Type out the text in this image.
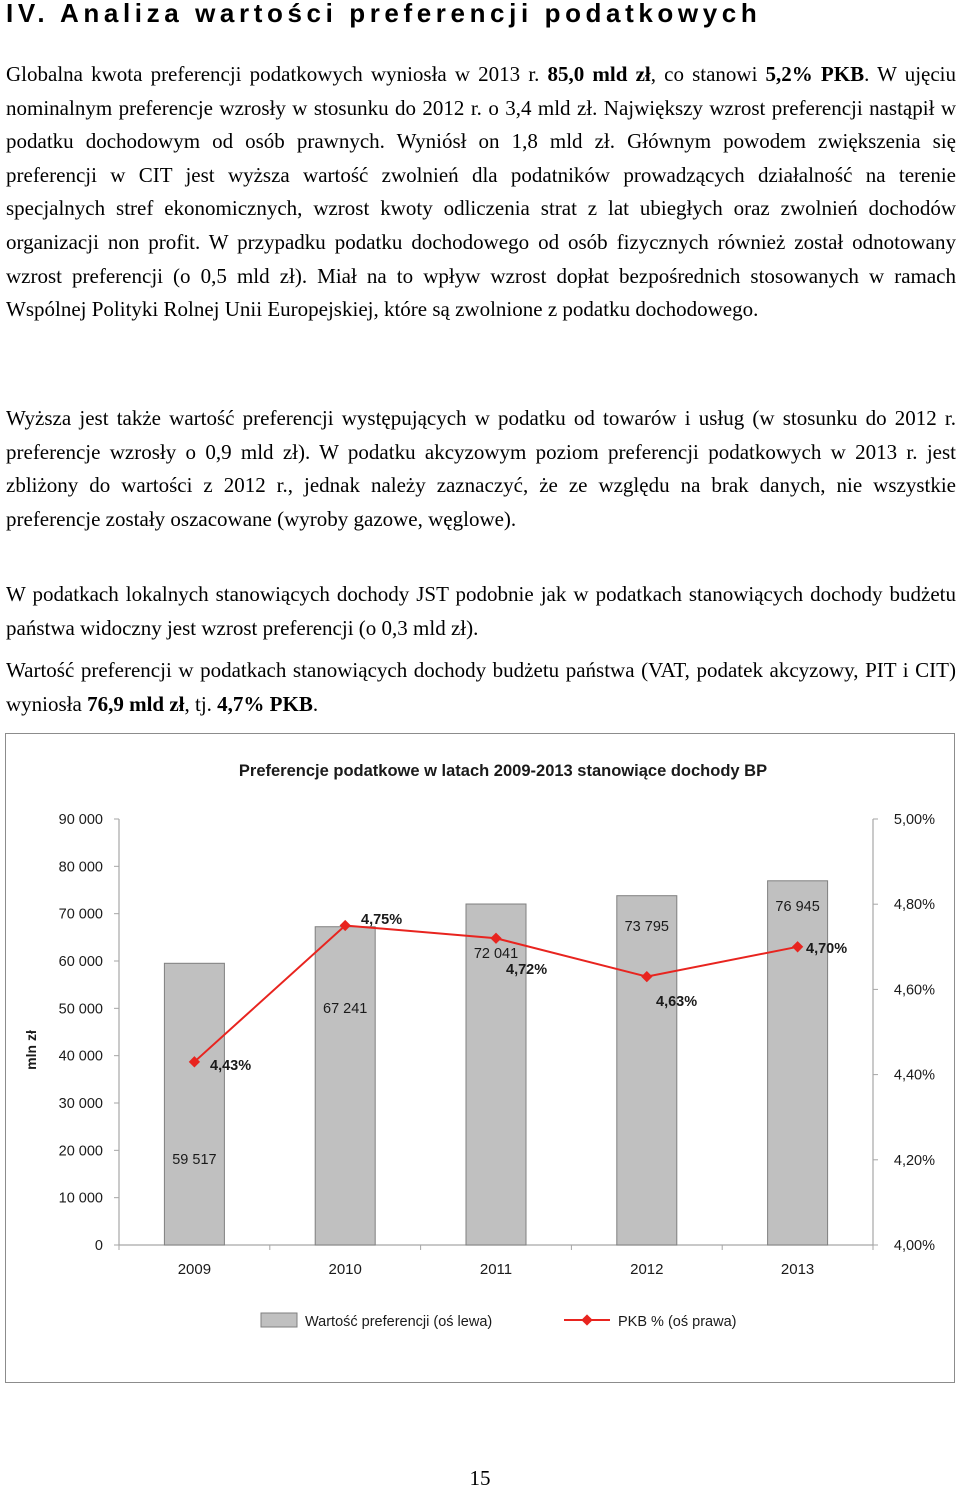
IV. Analiza wartości preferencji podatkowych

Globalna kwota preferencji podatkowych wyniosła w 2013 r. 85,0 mld zł, co stanowi 5,2% PKB. W ujęciu nominalnym preferencje wzrosły w stosunku do 2012 r. o 3,4 mld zł. Największy wzrost preferencji nastąpił w podatku dochodowym od osób prawnych. Wyniósł on 1,8 mld zł. Głównym powodem zwiększenia się preferencji w CIT jest wyższa wartość zwolnień dla podatników prowadzących działalność na terenie specjalnych stref ekonomicznych, wzrost kwoty odliczenia strat z lat ubiegłych oraz zwolnień dochodów organizacji non profit. W przypadku podatku dochodowego od osób fizycznych również został odnotowany wzrost preferencji (o 0,5 mld zł). Miał na to wpływ wzrost dopłat bezpośrednich stosowanych w ramach Wspólnej Polityki Rolnej Unii Europejskiej, które są zwolnione z podatku dochodowego.

Wyższa jest także wartość preferencji występujących w podatku od towarów i usług (w stosunku do 2012 r. preferencje wzrosły o 0,9 mld zł). W podatku akcyzowym poziom preferencji podatkowych w 2013 r. jest zbliżony do wartości z 2012 r., jednak należy zaznaczyć, że ze względu na brak danych, nie wszystkie preferencje zostały oszacowane (wyroby gazowe, węglowe).

W podatkach lokalnych stanowiących dochody JST podobnie jak w podatkach stanowiących dochody budżetu państwa widoczny jest wzrost preferencji (o 0,3 mld zł).

Wartość preferencji w podatkach stanowiących dochody budżetu państwa (VAT, podatek akcyzowy, PIT i CIT) wyniosła 76,9 mld zł, tj. 4,7% PKB.

Preferencje podatkowe w latach 2009-2013 stanowiące dochody BP
mln zł
0
10 000
20 000
30 000
40 000
50 000
60 000
70 000
80 000
90 000
4,00%
4,20%
4,40%
4,60%
4,80%
5,00%
2009	2010	2011	2012	2013
59 517
67 241
72 041
73 795
76 945
4,43%
4,75%
4,72%
4,63%
4,70%
Wartość preferencji (oś lewa)	PKB % (oś prawa)

15
